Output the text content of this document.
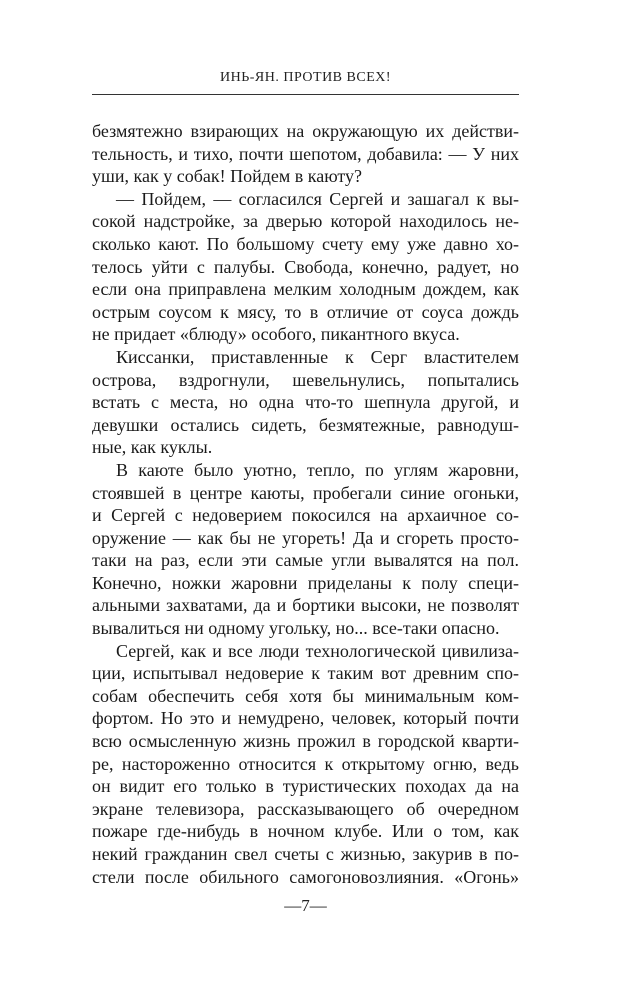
ИНЬ-ЯН. ПРОТИВ ВСЕХ!
безмятежно взирающих на окружающую их действи-
тельность, и тихо, почти шепотом, добавила: — У них
уши, как у собак! Пойдем в каюту?
— Пойдем, — согласился Сергей и зашагал к вы-
сокой надстройке, за дверью которой находилось не-
сколько кают. По большому счету ему уже давно хо-
телось уйти с палубы. Свобода, конечно, радует, но
если она приправлена мелким холодным дождем, как
острым соусом к мясу, то в отличие от соуса дождь
не придает «блюду» особого, пикантного вкуса.
Киссанки, приставленные к Серг властителем
острова, вздрогнули, шевельнулись, попытались
встать с места, но одна что-то шепнула другой, и
девушки остались сидеть, безмятежные, равнодуш-
ные, как куклы.
В каюте было уютно, тепло, по углям жаровни,
стоявшей в центре каюты, пробегали синие огоньки,
и Сергей с недоверием покосился на архаичное со-
оружение — как бы не угореть! Да и сгореть просто-
таки на раз, если эти самые угли вывалятся на пол.
Конечно, ножки жаровни приделаны к полу специ-
альными захватами, да и бортики высоки, не позволят
вывалиться ни одному угольку, но... все-таки опасно.
Сергей, как и все люди технологической цивилиза-
ции, испытывал недоверие к таким вот древним спо-
собам обеспечить себя хотя бы минимальным ком-
фортом. Но это и немудрено, человек, который почти
всю осмысленную жизнь прожил в городской кварти-
ре, настороженно относится к открытому огню, ведь
он видит его только в туристических походах да на
экране телевизора, рассказывающего об очередном
пожаре где-нибудь в ночном клубе. Или о том, как
некий гражданин свел счеты с жизнью, закурив в по-
стели после обильного самогоновозлияния. «Огонь»
—7—
